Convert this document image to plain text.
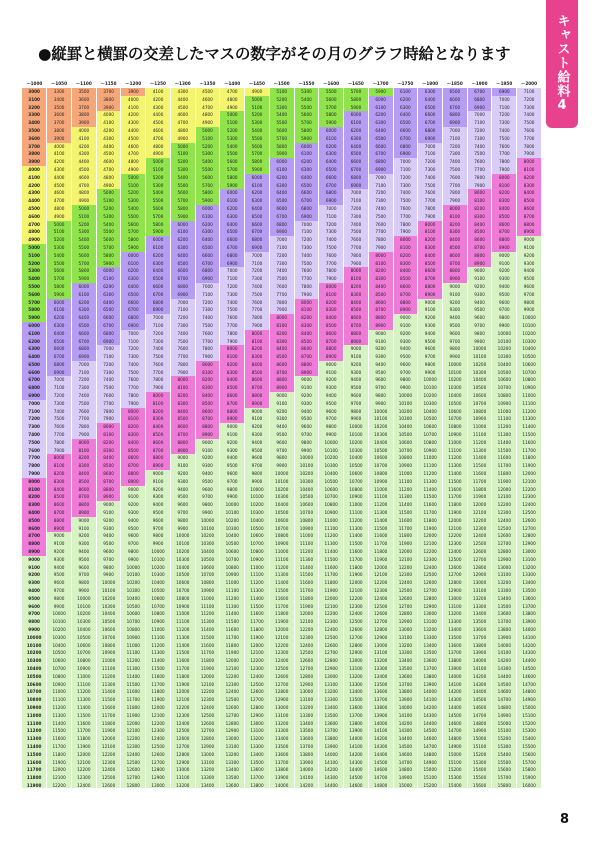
●縦罫と横罫の交差したマスの数字がその月のグラフ時給となります	キャスト給料4
〜1000	〜1050	〜1100	〜1150	〜1200	〜1250	〜1300	〜1350	〜1400	〜1450	〜1500	〜1550	〜1600	〜1650	〜1700	〜1750	〜1800	〜1850	〜1900	〜1950	〜2000
3000	3300	3500	3700	3900	4100	4300	4500	4700	4900	5100	5300	5500	5700	5900	6100	6300	6500	6700	6900	7100
3100	3400	3600	3800	4000	4200	4400	4600	4800	5000	5200	5400	5600	5800	6000	6200	6400	6600	6800	7000	7200
3200	3500	3700	3900	4100	4300	4500	4700	4900	5100	5300	5500	5700	5900	6100	6300	6500	6700	6900	7100	7300
3300	3600	3800	4000	4200	4400	4600	4800	5000	5200	5400	5600	5800	6000	6200	6400	6600	6800	7000	7200	7400
3400	3700	3900	4100	4300	4500	4700	4900	5100	5300	5500	5700	5900	6100	6300	6500	6700	6900	7100	7300	7500
3500	3800	4000	4200	4400	4600	4800	5000	5200	5400	5600	5800	6000	6200	6400	6600	6800	7000	7200	7400	7600
3600	3900	4100	4300	4500	4700	4900	5100	5300	5500	5700	5900	6100	6300	6500	6700	6900	7100	7300	7500	7700
3700	4000	4200	4400	4600	4800	5000	5200	5400	5600	5800	6000	6200	6400	6600	6800	7000	7200	7400	7600	7800
3800	4100	4300	4500	4700	4900	5100	5300	5500	5700	5900	6100	6300	6500	6700	6900	7100	7300	7500	7700	7900
3900	4200	4400	4600	4800	5000	5200	5400	5600	5800	6000	6200	6400	6600	6800	7000	7200	7400	7600	7800	8000
4000	4300	4500	4700	4900	5100	5300	5500	5700	5900	6100	6300	6500	6700	6900	7100	7300	7500	7700	7900	8100
4100	4400	4600	4800	5000	5200	5400	5600	5800	6000	6200	6400	6600	6800	7000	7200	7400	7600	7800	8000	8200
4200	4500	4700	4900	5100	5300	5500	5700	5900	6100	6300	6500	6700	6900	7100	7300	7500	7700	7900	8100	8300
4300	4600	4800	5000	5200	5400	5600	5800	6000	6200	6400	6600	6800	7000	7200	7400	7600	7800	8000	8200	8400
4400	4700	4900	5100	5300	5500	5700	5900	6100	6300	6500	6700	6900	7100	7300	7500	7700	7900	8100	8300	8500
4500	4800	5000	5200	5400	5600	5800	6000	6200	6400	6600	6800	7000	7200	7400	7600	7800	8000	8200	8400	8600
4600	4900	5100	5300	5500	5700	5900	6100	6300	6500	6700	6900	7100	7300	7500	7700	7900	8100	8300	8500	8700
4700	5000	5200	5400	5600	5800	6000	6200	6400	6600	6800	7000	7200	7400	7600	7800	8000	8200	8400	8600	8800
4800	5100	5300	5500	5700	5900	6100	6300	6500	6700	6900	7100	7300	7500	7700	7900	8100	8300	8500	8700	8900
4900	5200	5400	5600	5800	6000	6200	6400	6600	6800	7000	7200	7400	7600	7800	8000	8200	8400	8600	8800	9000
5000	5300	5500	5700	5900	6100	6300	6500	6700	6900	7100	7300	7500	7700	7900	8100	8300	8500	8700	8900	9100
5100	5400	5600	5800	6000	6200	6400	6600	6800	7000	7200	7400	7600	7800	8000	8200	8400	8600	8800	9000	9200
5200	5500	5700	5900	6100	6300	6500	6700	6900	7100	7300	7500	7700	7900	8100	8300	8500	8700	8900	9100	9300
5300	5600	5800	6000	6200	6400	6600	6800	7000	7200	7400	7600	7800	8000	8200	8400	8600	8800	9000	9200	9400
5400	5700	5900	6100	6300	6500	6700	6900	7100	7300	7500	7700	7900	8100	8300	8500	8700	8900	9100	9300	9500
5500	5800	6000	6200	6400	6600	6800	7000	7200	7400	7600	7800	8000	8200	8400	8600	8800	9000	9200	9400	9600
5600	5900	6100	6300	6500	6700	6900	7100	7300	7500	7700	7900	8100	8300	8500	8700	8900	9100	9300	9500	9700
5700	6000	6200	6400	6600	6800	7000	7200	7400	7600	7800	8000	8200	8400	8600	8800	9000	9200	9400	9600	9800
5800	6100	6300	6500	6700	6900	7100	7300	7500	7700	7900	8100	8300	8500	8700	8900	9100	9300	9500	9700	9900
5900	6200	6400	6600	6800	7000	7200	7400	7600	7800	8000	8200	8400	8600	8800	9000	9200	9400	9600	9800	10000
6000	6300	6500	6700	6900	7100	7300	7500	7700	7900	8100	8300	8500	8700	8900	9100	9300	9500	9700	9900	10100
6100	6400	6600	6800	7000	7200	7400	7600	7800	8000	8200	8400	8600	8800	9000	9200	9400	9600	9800	10000	10200
6200	6500	6700	6900	7100	7300	7500	7700	7900	8100	8300	8500	8700	8900	9100	9300	9500	9700	9900	10100	10300
6300	6600	6800	7000	7200	7400	7600	7800	8000	8200	8400	8600	8800	9000	9200	9400	9600	9800	10000	10200	10400
6400	6700	6900	7100	7300	7500	7700	7900	8100	8300	8500	8700	8900	9100	9300	9500	9700	9900	10100	10300	10500
6500	6800	7000	7200	7400	7600	7800	8000	8200	8400	8600	8800	9000	9200	9400	9600	9800	10000	10200	10400	10600
6600	6900	7100	7300	7500	7700	7900	8100	8300	8500	8700	8900	9100	9300	9500	9700	9900	10100	10300	10500	10700
6700	7000	7200	7400	7600	7800	8000	8200	8400	8600	8800	9000	9200	9400	9600	9800	10000	10200	10400	10600	10800
6800	7100	7300	7500	7700	7900	8100	8300	8500	8700	8900	9100	9300	9500	9700	9900	10100	10300	10500	10700	10900
6900	7200	7400	7600	7800	8000	8200	8400	8600	8800	9000	9200	9400	9600	9800	10000	10200	10400	10600	10800	11000
7000	7300	7500	7700	7900	8100	8300	8500	8700	8900	9100	9300	9500	9700	9900	10100	10300	10500	10700	10900	11100
7100	7400	7600	7800	8000	8200	8400	8600	8800	9000	9200	9400	9600	9800	10000	10200	10400	10600	10800	11000	11200
7200	7500	7700	7900	8100	8300	8500	8700	8900	9100	9300	9500	9700	9900	10100	10300	10500	10700	10900	11100	11300
7300	7600	7800	8000	8200	8400	8600	8800	9000	9200	9400	9600	9800	10000	10200	10400	10600	10800	11000	11200	11400
7400	7700	7900	8100	8300	8500	8700	8900	9100	9300	9500	9700	9900	10100	10300	10500	10700	10900	11100	11300	11500
7500	7800	8000	8200	8400	8600	8800	9000	9200	9400	9600	9800	10000	10200	10400	10600	10800	11000	11200	11400	11600
7600	7900	8100	8300	8500	8700	8900	9100	9300	9500	9700	9900	10100	10300	10500	10700	10900	11100	11300	11500	11700
7700	8000	8200	8400	8600	8800	9000	9200	9400	9600	9800	10000	10200	10400	10600	10800	11000	11200	11400	11600	11800
7800	8100	8300	8500	8700	8900	9100	9300	9500	9700	9900	10100	10300	10500	10700	10900	11100	11300	11500	11700	11900
7900	8200	8400	8600	8800	9000	9200	9400	9600	9800	10000	10200	10400	10600	10800	11000	11200	11400	11600	11800	12000
8000	8300	8500	8700	8900	9100	9300	9500	9700	9900	10100	10300	10500	10700	10900	11100	11300	11500	11700	11900	12100
8100	8400	8600	8800	9000	9200	9400	9600	9800	10000	10200	10400	10600	10800	11000	11200	11400	11600	11800	12000	12200
8200	8500	8700	8900	9100	9300	9500	9700	9900	10100	10300	10500	10700	10900	11100	11300	11500	11700	11900	12100	12300
8300	8600	8800	9000	9200	9400	9600	9800	10000	10200	10400	10600	10800	11000	11200	11400	11600	11800	12000	12200	12400
8400	8700	8900	9100	9300	9500	9700	9900	10100	10300	10500	10700	10900	11100	11300	11500	11700	11900	12100	12300	12500
8500	8800	9000	9200	9400	9600	9800	10000	10200	10400	10600	10800	11000	11200	11400	11600	11800	12000	12200	12400	12600
8600	8900	9100	9300	9500	9700	9900	10100	10300	10500	10700	10900	11100	11300	11500	11700	11900	12100	12300	12500	12700
8700	9000	9200	9400	9600	9800	10000	10200	10400	10600	10800	11000	11200	11400	11600	11800	12000	12200	12400	12600	12800
8800	9100	9300	9500	9700	9900	10100	10300	10500	10700	10900	11100	11300	11500	11700	11900	12100	12300	12500	12700	12900
8900	9200	9400	9600	9800	10000	10200	10400	10600	10800	11000	11200	11400	11600	11800	12000	12200	12400	12600	12800	13000
9000	9300	9500	9700	9900	10100	10300	10500	10700	10900	11100	11300	11500	11700	11900	12100	12300	12500	12700	12900	13100
9100	9400	9600	9800	10000	10200	10400	10600	10800	11000	11200	11400	11600	11800	12000	12200	12400	12600	12800	13000	13200
9200	9500	9700	9900	10100	10300	10500	10700	10900	11100	11300	11500	11700	11900	12100	12300	12500	12700	12900	13100	13300
9300	9600	9800	10000	10200	10400	10600	10800	11000	11200	11400	11600	11800	12000	12200	12400	12600	12800	13000	13200	13400
9400	9700	9900	10100	10300	10500	10700	10900	11100	11300	11500	11700	11900	12100	12300	12500	12700	12900	13100	13300	13500
9500	9800	10000	10200	10400	10600	10800	11000	11200	11400	11600	11800	12000	12200	12400	12600	12800	13000	13200	13400	13600
9600	9900	10100	10300	10500	10700	10900	11100	11300	11500	11700	11900	12100	12300	12500	12700	12900	13100	13300	13500	13700
9700	10000	10200	10400	10600	10800	11000	11200	11400	11600	11800	12000	12200	12400	12600	12800	13000	13200	13400	13600	13800
9800	10100	10300	10500	10700	10900	11100	11300	11500	11700	11900	12100	12300	12500	12700	12900	13100	13300	13500	13700	13900
9900	10200	10400	10600	10800	11000	11200	11400	11600	11800	12000	12200	12400	12600	12800	13000	13200	13400	13600	13800	14000
10000	10300	10500	10700	10900	11100	11300	11500	11700	11900	12100	12300	12500	12700	12900	13100	13300	13500	13700	13900	14100
10100	10400	10600	10800	11000	11200	11400	11600	11800	12000	12200	12400	12600	12800	13000	13200	13400	13600	13800	14000	14200
10200	10500	10700	10900	11100	11300	11500	11700	11900	12100	12300	12500	12700	12900	13100	13300	13500	13700	13900	14100	14300
10300	10600	10800	11000	11200	11400	11600	11800	12000	12200	12400	12600	12800	13000	13200	13400	13600	13800	14000	14200	14400
10400	10700	10900	11100	11300	11500	11700	11900	12100	12300	12500	12700	12900	13100	13300	13500	13700	13900	14100	14300	14500
10500	10800	11000	11200	11400	11600	11800	12000	12200	12400	12600	12800	13000	13200	13400	13600	13800	14000	14200	14400	14600
10600	10900	11100	11300	11500	11700	11900	12100	12300	12500	12700	12900	13100	13300	13500	13700	13900	14100	14300	14500	14700
10700	11000	11200	11400	11600	11800	12000	12200	12400	12600	12800	13000	13200	13400	13600	13800	14000	14200	14400	14600	14800
10800	11100	11300	11500	11700	11900	12100	12300	12500	12700	12900	13100	13300	13500	13700	13900	14100	14300	14500	14700	14900
10900	11200	11400	11600	11800	12000	12200	12400	12600	12800	13000	13200	13400	13600	13800	14000	14200	14400	14600	14800	15000
11000	11300	11500	11700	11900	12100	12300	12500	12700	12900	13100	13300	13500	13700	13900	14100	14300	14500	14700	14900	15100
11100	11400	11600	11800	12000	12200	12400	12600	12800	13000	13200	13400	13600	13800	14000	14200	14400	14600	14800	15000	15200
11200	11500	11700	11900	12100	12300	12500	12700	12900	13100	13300	13500	13700	13900	14100	14300	14500	14700	14900	15100	15300
11300	11600	11800	12000	12200	12400	12600	12800	13000	13200	13400	13600	13800	14000	14200	14400	14600	14800	15000	15200	15400
11400	11700	11900	12100	12300	12500	12700	12900	13100	13300	13500	13700	13900	14100	14300	14500	14700	14900	15100	15300	15500
11500	11800	12000	12200	12400	12600	12800	13000	13200	13400	13600	13800	14000	14200	14400	14600	14800	15000	15200	15400	15600
11600	11900	12100	12300	12500	12700	12900	13100	13300	13500	13700	13900	14100	14300	14500	14700	14900	15100	15300	15500	15700
11700	12000	12200	12400	12600	12800	13000	13200	13400	13600	13800	14000	14200	14400	14600	14800	15000	15200	15400	15600	15800
11800	12100	12300	12500	12700	12900	13100	13300	13500	13700	13900	14100	14300	14500	14700	14900	15100	15300	15500	15700	15900
11900	12200	12400	12600	12800	13000	13200	13400	13600	13800	14000	14200	14400	14600	14800	15000	15200	15400	15600	15800	16000
8
